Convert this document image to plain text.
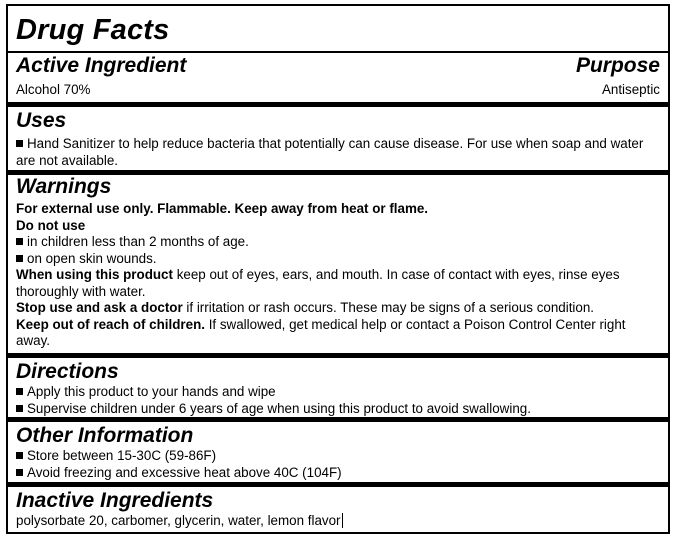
Drug Facts
Active Ingredient	Purpose
Alcohol 70%	Antiseptic
Uses
Hand Sanitizer to help reduce bacteria that potentially can cause disease. For use when soap and water are not available.
Warnings
For external use only. Flammable. Keep away from heat or flame.
Do not use
in children less than 2 months of age.
on open skin wounds.
When using this product keep out of eyes, ears, and mouth. In case of contact with eyes, rinse eyes thoroughly with water.
Stop use and ask a doctor if irritation or rash occurs. These may be signs of a serious condition.
Keep out of reach of children. If swallowed, get medical help or contact a Poison Control Center right away.
Directions
Apply this product to your hands and wipe
Supervise children under 6 years of age when using this product to avoid swallowing.
Other Information
Store between 15-30C (59-86F)
Avoid freezing and excessive heat above 40C (104F)
Inactive Ingredients
polysorbate 20, carbomer, glycerin, water, lemon flavor
